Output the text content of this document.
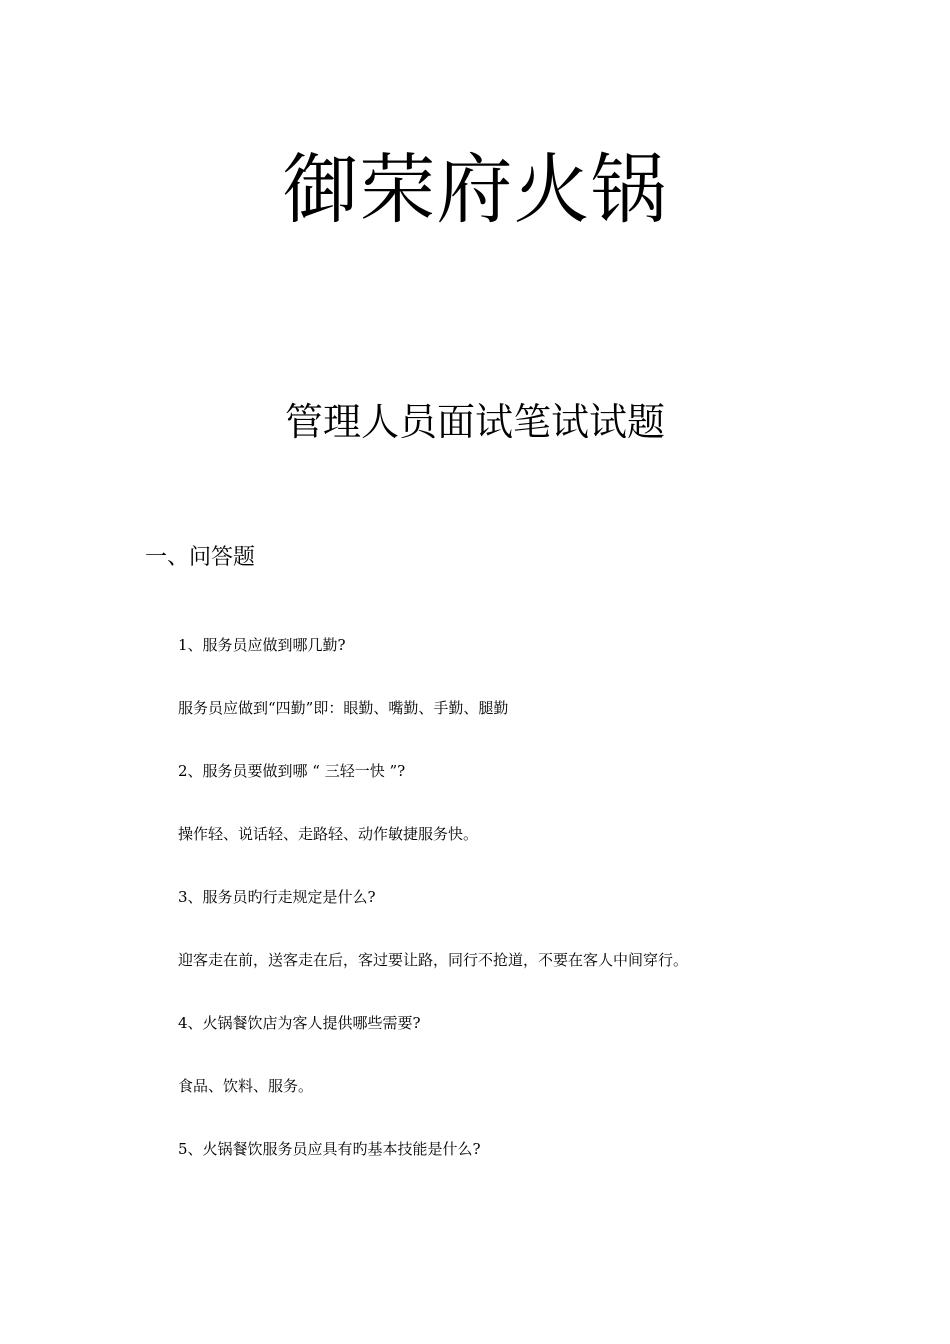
御荣府火锅
管理人员面试笔试试题
一、问答题
1、服务员应做到哪几勤?
服务员应做到“四勤”即：眼勤、嘴勤、手勤、腿勤
2、服务员要做到哪 “ 三轻一快 ”?
操作轻、说话轻、走路轻、动作敏捷服务快。
3、服务员旳行走规定是什么?
迎客走在前，送客走在后，客过要让路，同行不抢道，不要在客人中间穿行。
4、火锅餐饮店为客人提供哪些需要?
食品、饮料、服务。
5、火锅餐饮服务员应具有旳基本技能是什么?
